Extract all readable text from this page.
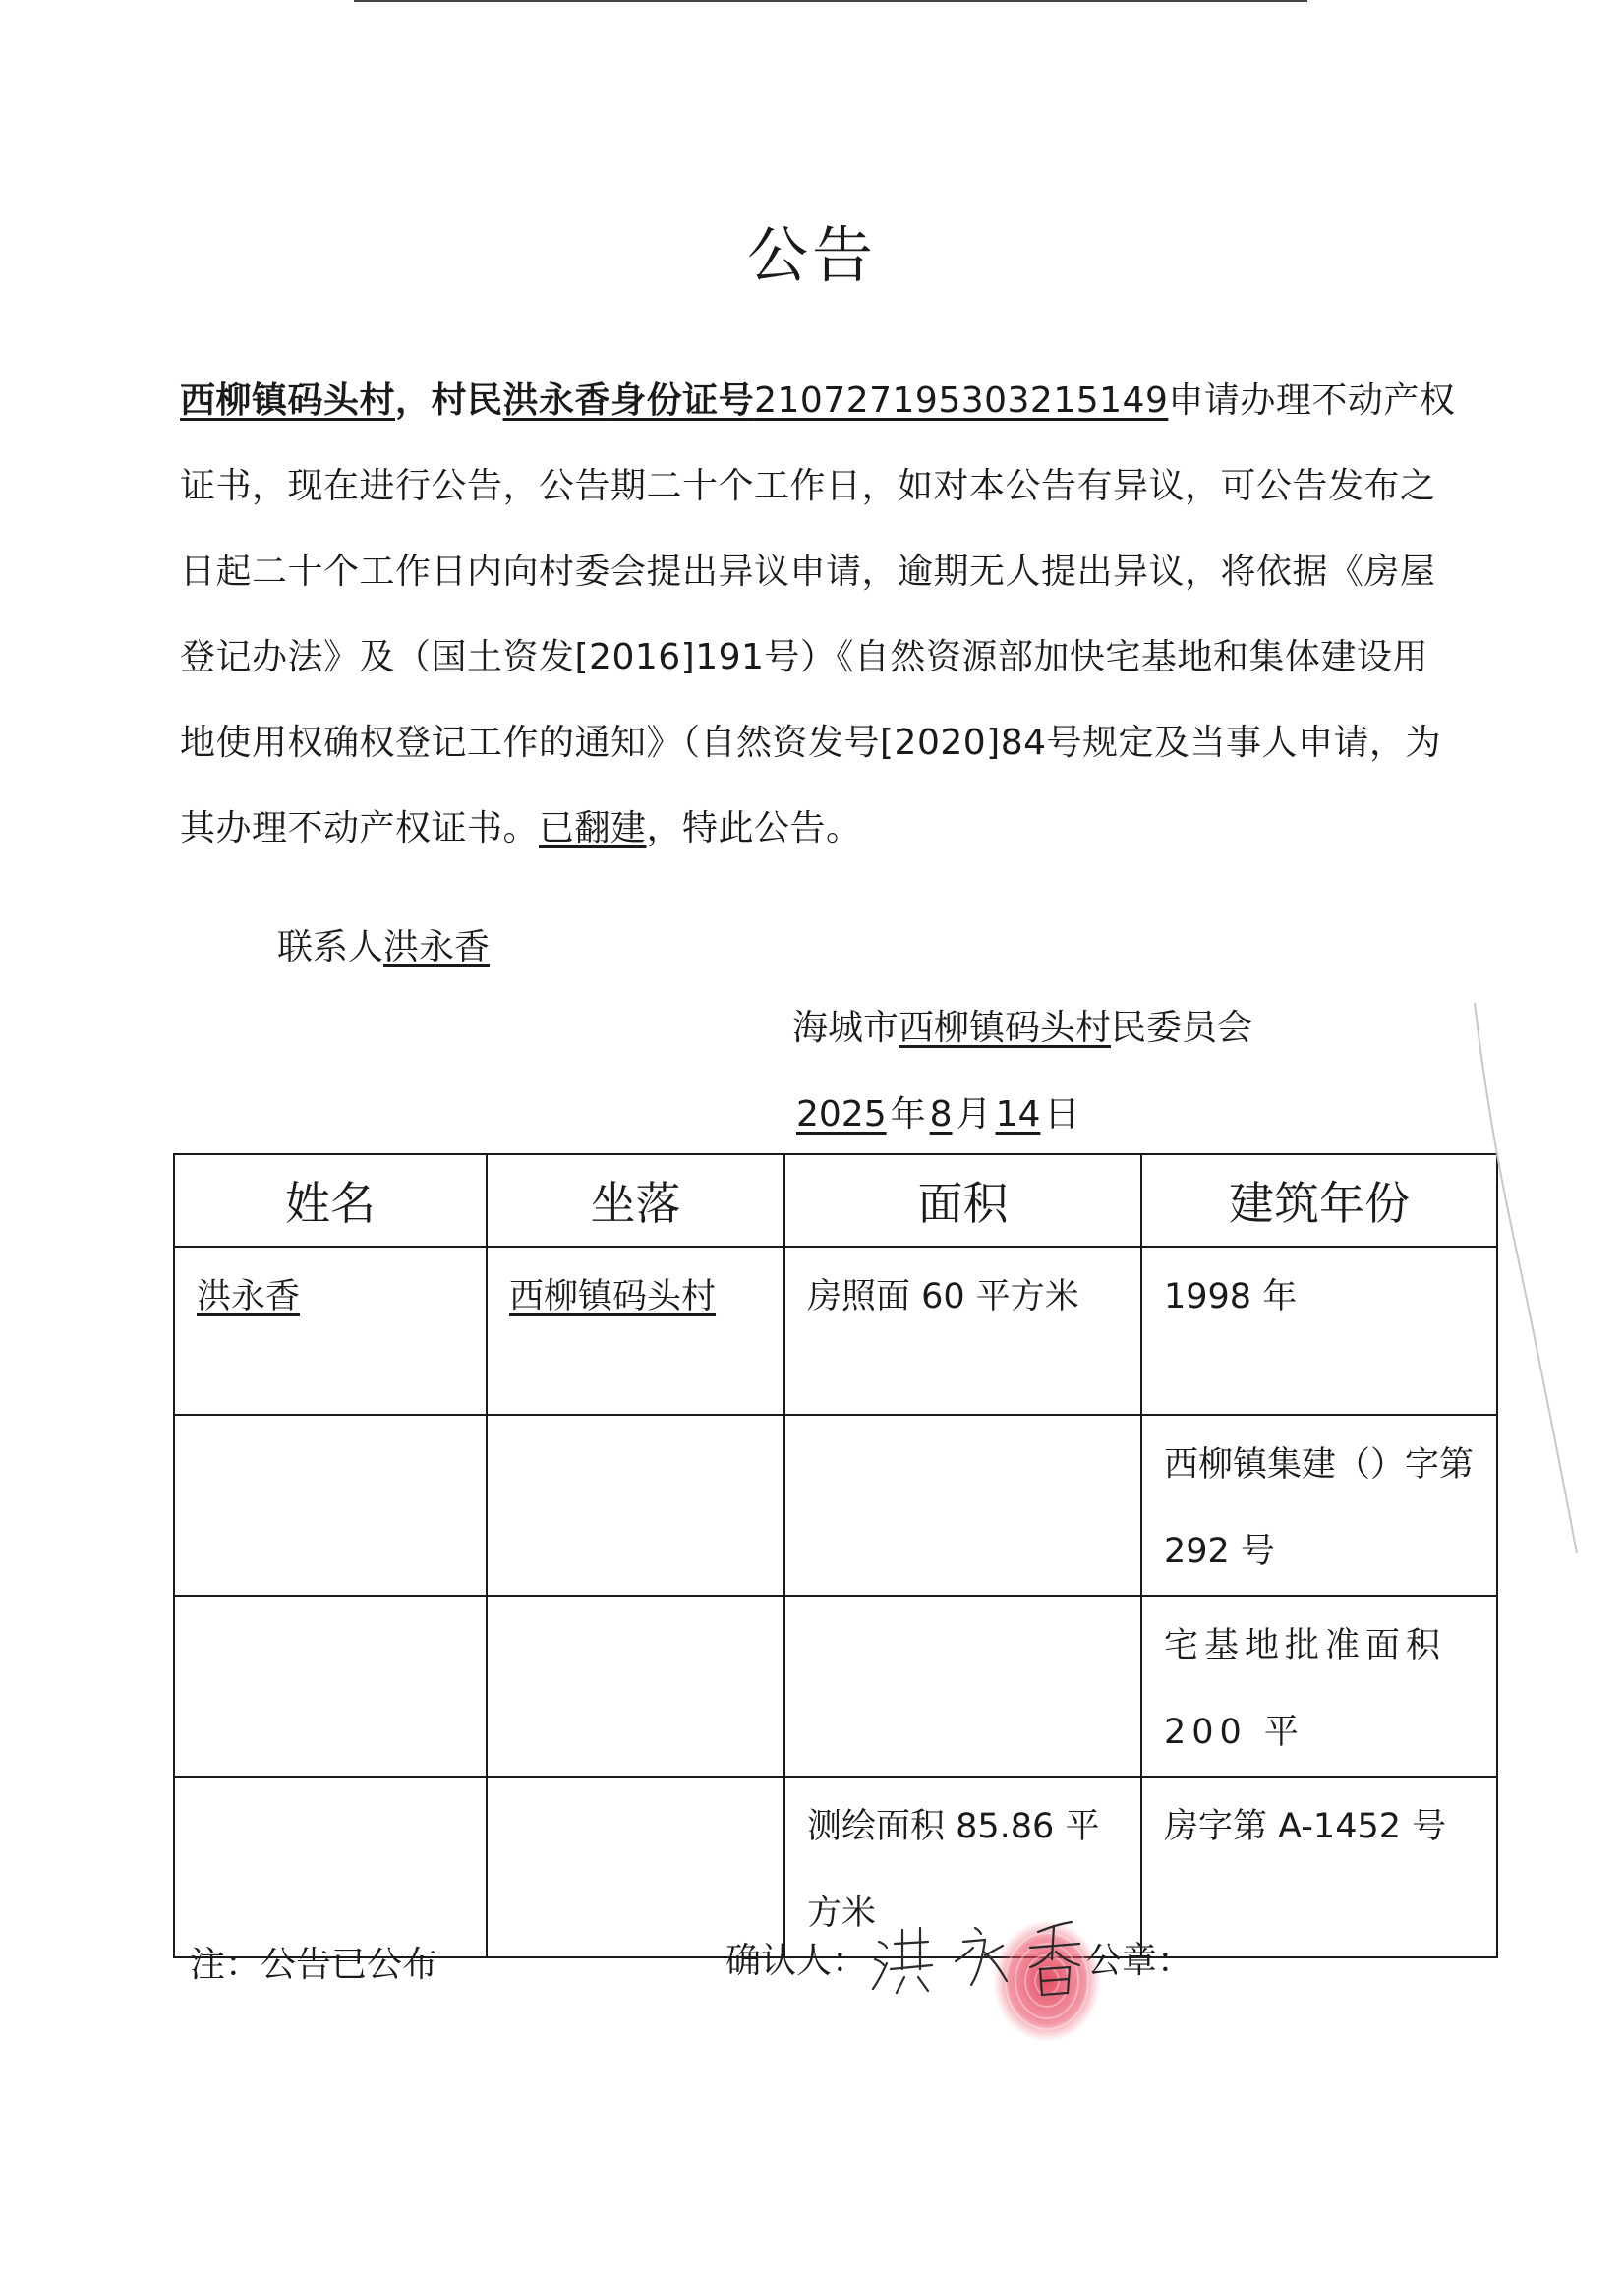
公告
西柳镇码头村，村民洪永香身份证号210727195303215149申请办理不动产权证书，现在进行公告，公告期二十个工作日，如对本公告有异议，可公告发布之日起二十个工作日内向村委会提出异议申请，逾期无人提出异议，将依据《房屋登记办法》及（国土资发[2016]191号）《自然资源部加快宅基地和集体建设用地使用权确权登记工作的通知》（自然资发号[2020]84号规定及当事人申请，为其办理不动产权证书。已翻建，特此公告。
联系人洪永香
海城市西柳镇码头村民委员会
2025 年 8 月 14 日
姓名	坐落	面积	建筑年份

洪永香	西柳镇码头村	房照面 60 平方米	1998 年

			西柳镇集建（）字第 292 号

			宅基地批准面积 200 平

		测绘面积 85.86 平方米	房字第 A-1452 号
注：公告已公布	确认人：	公章：
